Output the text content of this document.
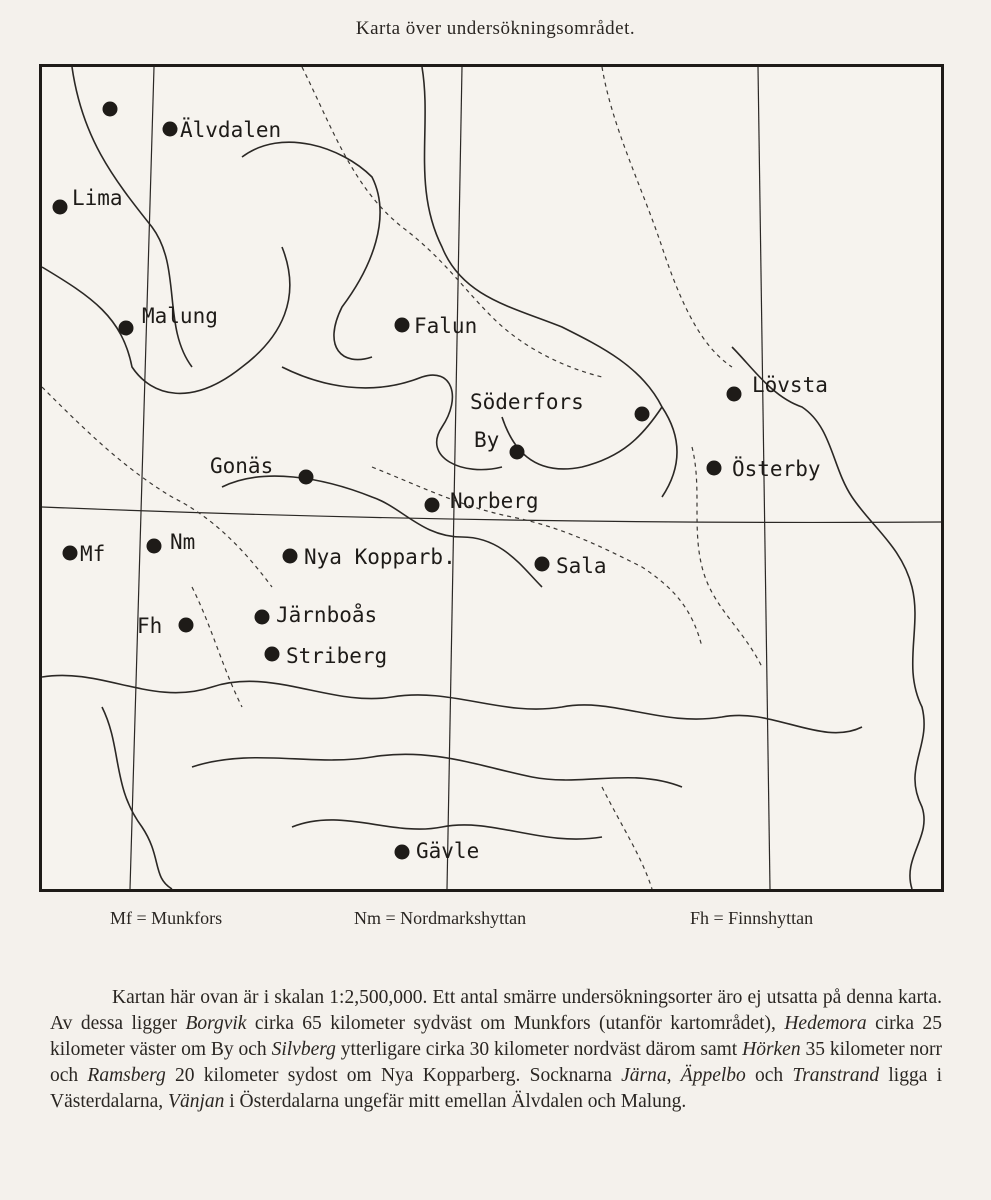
Karta över undersökningsområdet.
Älvdalen
Lima
Malung	Falun
Söderfors
By
Lövsta
Österby
Gonäs
Norberg
Mf	Nm
Nya Kopparb.	Sala
Fh	Järnboås
Striberg
Gävle
Mf = Munkfors	Nm = Nordmarkshyttan	Fh = Finnshyttan
Kartan här ovan är i skalan 1:2,500,000. Ett antal smärre undersökningsorter äro ej utsatta på denna karta. Av dessa ligger Borgvik cirka 65 kilometer sydväst om Munkfors (utanför kartområdet), Hedemora cirka 25 kilometer väster om By och Silvberg ytterligare cirka 30 kilometer nordväst därom samt Hörken 35 kilometer norr och Ramsberg 20 kilometer sydost om Nya Kopparberg. Socknarna Järna, Äppelbo och Transtrand ligga i Västerdalarna, Vänjan i Österdalarna ungefär mitt emellan Älvdalen och Malung.
